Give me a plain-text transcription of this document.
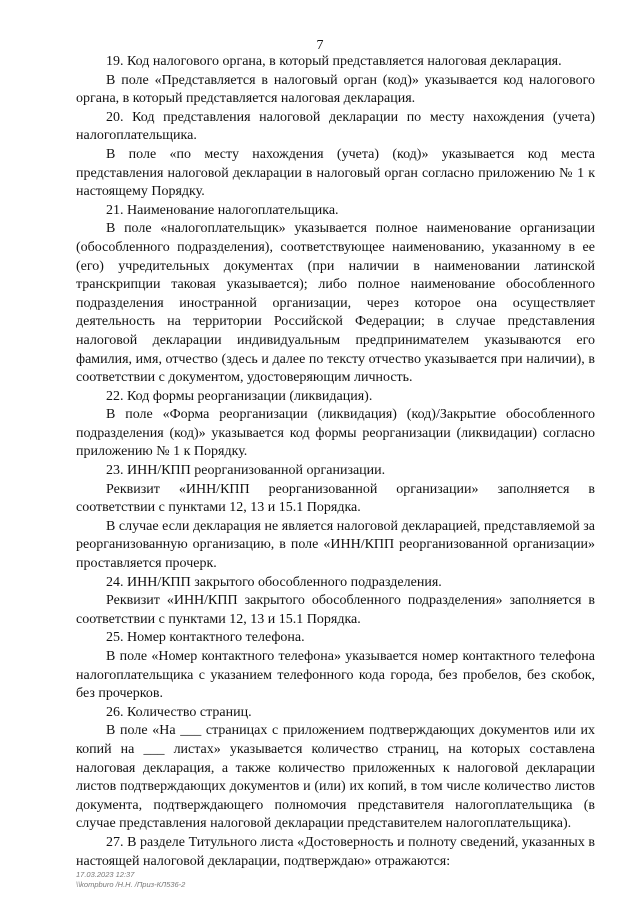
7

19. Код налогового органа, в который представляется налоговая декларация.

В поле «Представляется в налоговый орган (код)» указывается код налогового органа, в который представляется налоговая декларация.

20. Код представления налоговой декларации по месту нахождения (учета) налогоплательщика.

В поле «по месту нахождения (учета) (код)» указывается код места представления налоговой декларации в налоговый орган согласно приложению № 1 к настоящему Порядку.

21. Наименование налогоплательщика.

В поле «налогоплательщик» указывается полное наименование организации (обособленного подразделения), соответствующее наименованию, указанному в ее (его) учредительных документах (при наличии в наименовании латинской транскрипции таковая указывается); либо полное наименование обособленного подразделения иностранной организации, через которое она осуществляет деятельность на территории Российской Федерации; в случае представления налоговой декларации индивидуальным предпринимателем указываются его фамилия, имя, отчество (здесь и далее по тексту отчество указывается при наличии), в соответствии с документом, удостоверяющим личность.

22. Код формы реорганизации (ликвидация).

В поле «Форма реорганизации (ликвидация) (код)/Закрытие обособленного подразделения (код)» указывается код формы реорганизации (ликвидации) согласно приложению № 1 к Порядку.

23. ИНН/КПП реорганизованной организации.

Реквизит «ИНН/КПП реорганизованной организации» заполняется в соответствии с пунктами 12, 13 и 15.1 Порядка.

В случае если декларация не является налоговой декларацией, представляемой за реорганизованную организацию, в поле «ИНН/КПП реорганизованной организации» проставляется прочерк.

24. ИНН/КПП закрытого обособленного подразделения.

Реквизит «ИНН/КПП закрытого обособленного подразделения» заполняется в соответствии с пунктами 12, 13 и 15.1 Порядка.

25. Номер контактного телефона.

В поле «Номер контактного телефона» указывается номер контактного телефона налогоплательщика с указанием телефонного кода города, без пробелов, без скобок, без прочерков.

26. Количество страниц.

В поле «На ___ страницах с приложением подтверждающих документов или их копий на ___ листах» указывается количество страниц, на которых составлена налоговая декларация, а также количество приложенных к налоговой декларации листов подтверждающих документов и (или) их копий, в том числе количество листов документа, подтверждающего полномочия представителя налогоплательщика (в случае представления налоговой декларации представителем налогоплательщика).

27. В разделе Титульного листа «Достоверность и полноту сведений, указанных в настоящей налоговой декларации, подтверждаю» отражаются:

17.03.2023 12:37
\\kompburo /Н.Н. /Приз-КЛ536-2
